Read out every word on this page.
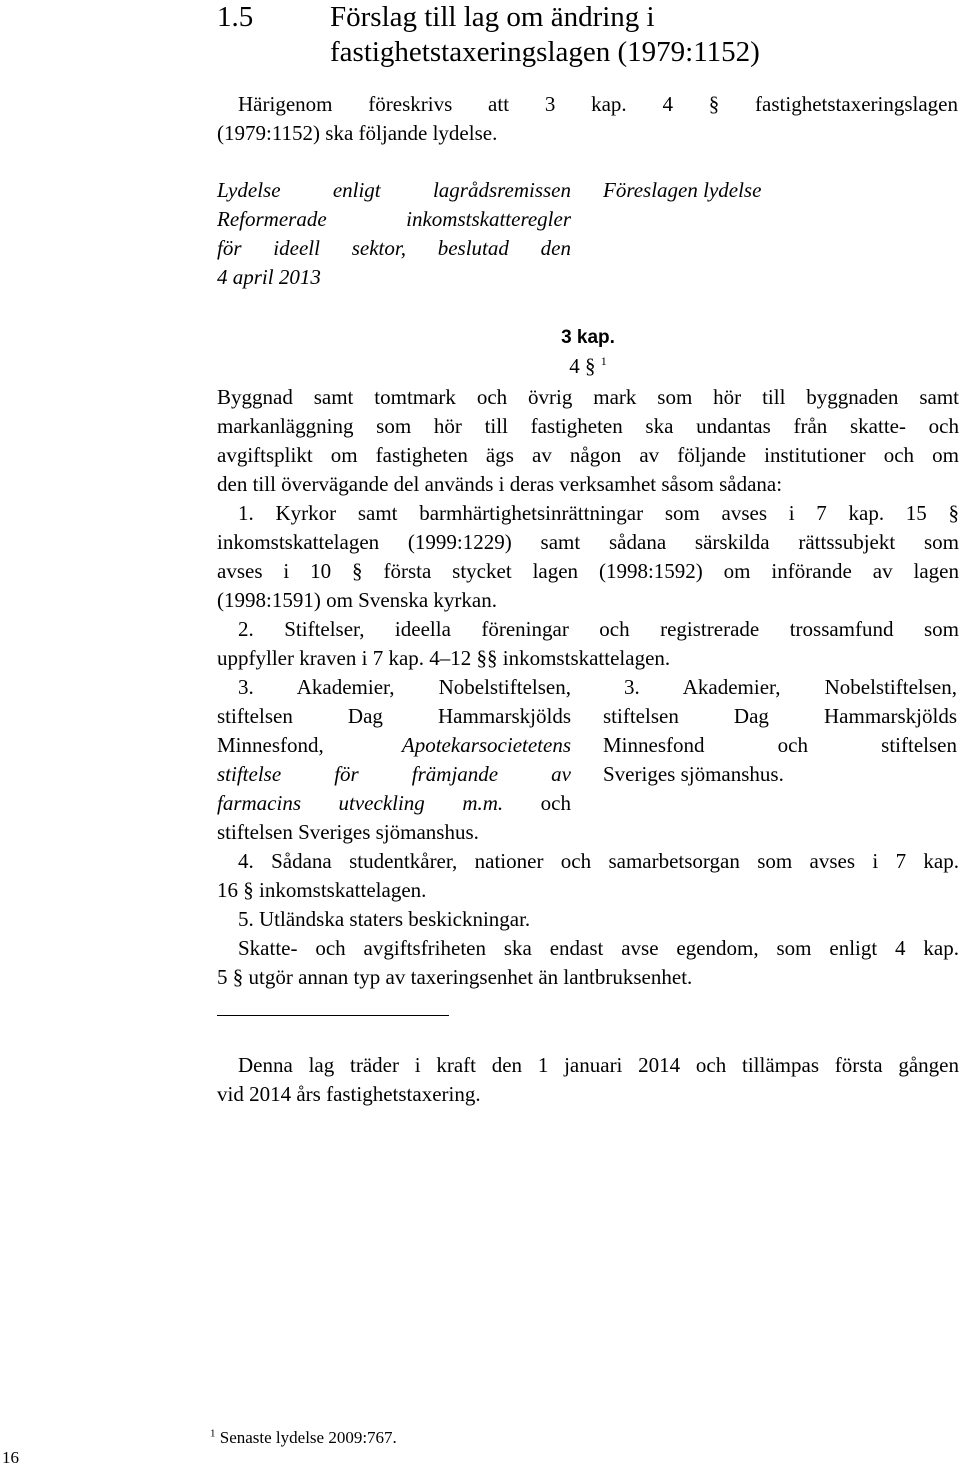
1.5	Förslag till lag om ändring i
fastighetstaxeringslagen (1979:1152)
Härigenom föreskrivs att 3 kap. 4 § fastighetstaxeringslagen
(1979:1152) ska följande lydelse.
Lydelse enligt lagrådsremissen
Reformerade inkomstskatteregler
för ideell sektor, beslutad den
4 april 2013
Föreslagen lydelse
3 kap.
4 § $^1$
Byggnad samt tomtmark och övrig mark som hör till byggnaden samt
markanläggning som hör till fastigheten ska undantas från skatte- och
avgiftsplikt om fastigheten ägs av någon av följande institutioner och om
den till övervägande del används i deras verksamhet såsom sådana:
1. Kyrkor samt barmhärtighetsinrättningar som avses i 7 kap. 15 §
inkomstskattelagen (1999:1229) samt sådana särskilda rättssubjekt som
avses i 10 § första stycket lagen (1998:1592) om införande av lagen
(1998:1591) om Svenska kyrkan.
2. Stiftelser, ideella föreningar och registrerade trossamfund som
uppfyller kraven i 7 kap. 4–12 §§ inkomstskattelagen.
3. Akademier, Nobelstiftelsen,
stiftelsen Dag Hammarskjölds
Minnesfond, Apotekarsocietetens
stiftelse för främjande av
farmacins utveckling m.m. och
stiftelsen Sveriges sjömanshus.
3. Akademier, Nobelstiftelsen,
stiftelsen Dag Hammarskjölds
Minnesfond och stiftelsen
Sveriges sjömanshus.
4. Sådana studentkårer, nationer och samarbetsorgan som avses i 7 kap.
16 § inkomstskattelagen.
5. Utländska staters beskickningar.
Skatte- och avgiftsfriheten ska endast avse egendom, som enligt 4 kap.
5 § utgör annan typ av taxeringsenhet än lantbruksenhet.
Denna lag träder i kraft den 1 januari 2014 och tillämpas första gången
vid 2014 års fastighetstaxering.
$^1$ Senaste lydelse 2009:767.
16
